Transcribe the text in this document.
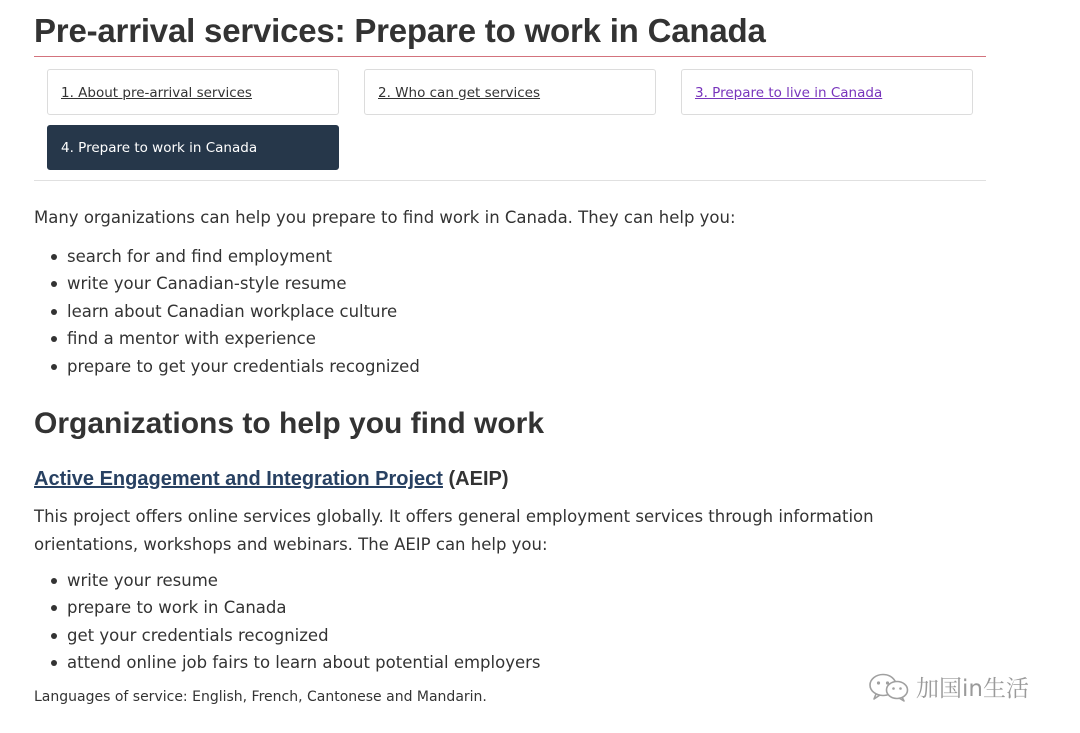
Pre-arrival services: Prepare to work in Canada
1. About pre-arrival services	2. Who can get services	3. Prepare to live in Canada
4. Prepare to work in Canada

Many organizations can help you prepare to find work in Canada. They can help you:

search for and find employment
write your Canadian-style resume
learn about Canadian workplace culture
find a mentor with experience
prepare to get your credentials recognized
Organizations to help you find work
Active Engagement and Integration Project (AEIP)

This project offers online services globally. It offers general employment services through information orientations, workshops and webinars. The AEIP can help you:

write your resume
prepare to work in Canada
get your credentials recognized
attend online job fairs to learn about potential employers

Languages of service: English, French, Cantonese and Mandarin.	加国in生活
